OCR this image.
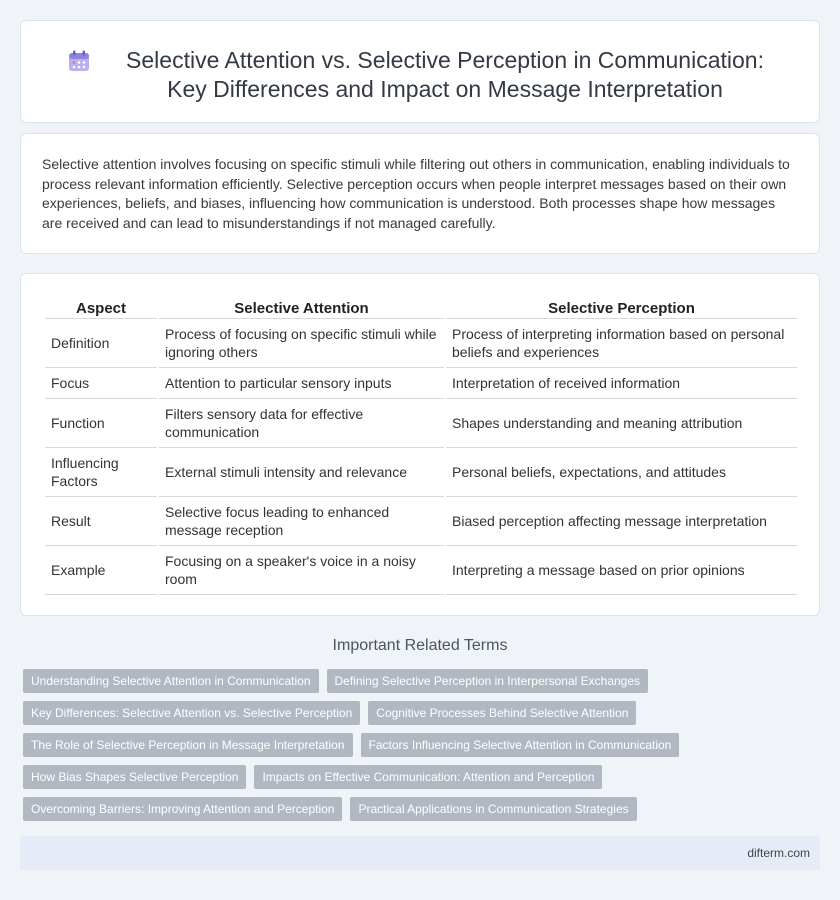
Selective Attention vs. Selective Perception in Communication:
Key Differences and Impact on Message Interpretation

Selective attention involves focusing on specific stimuli while filtering out others in communication, enabling individuals to process relevant information efficiently. Selective perception occurs when people interpret messages based on their own experiences, beliefs, and biases, influencing how communication is understood. Both processes shape how messages are received and can lead to misunderstandings if not managed carefully.

Aspect	Selective Attention	Selective Perception
Definition	Process of focusing on specific stimuli while ignoring others	Process of interpreting information based on personal beliefs and experiences
Focus	Attention to particular sensory inputs	Interpretation of received information
Function	Filters sensory data for effective communication	Shapes understanding and meaning attribution
Influencing Factors	External stimuli intensity and relevance	Personal beliefs, expectations, and attitudes
Result	Selective focus leading to enhanced message reception	Biased perception affecting message interpretation
Example	Focusing on a speaker's voice in a noisy room	Interpreting a message based on prior opinions
Important Related Terms
Understanding Selective Attention in Communication	Defining Selective Perception in Interpersonal Exchanges
Key Differences: Selective Attention vs. Selective Perception	Cognitive Processes Behind Selective Attention
The Role of Selective Perception in Message Interpretation	Factors Influencing Selective Attention in Communication
How Bias Shapes Selective Perception	Impacts on Effective Communication: Attention and Perception
Overcoming Barriers: Improving Attention and Perception	Practical Applications in Communication Strategies
difterm.com
